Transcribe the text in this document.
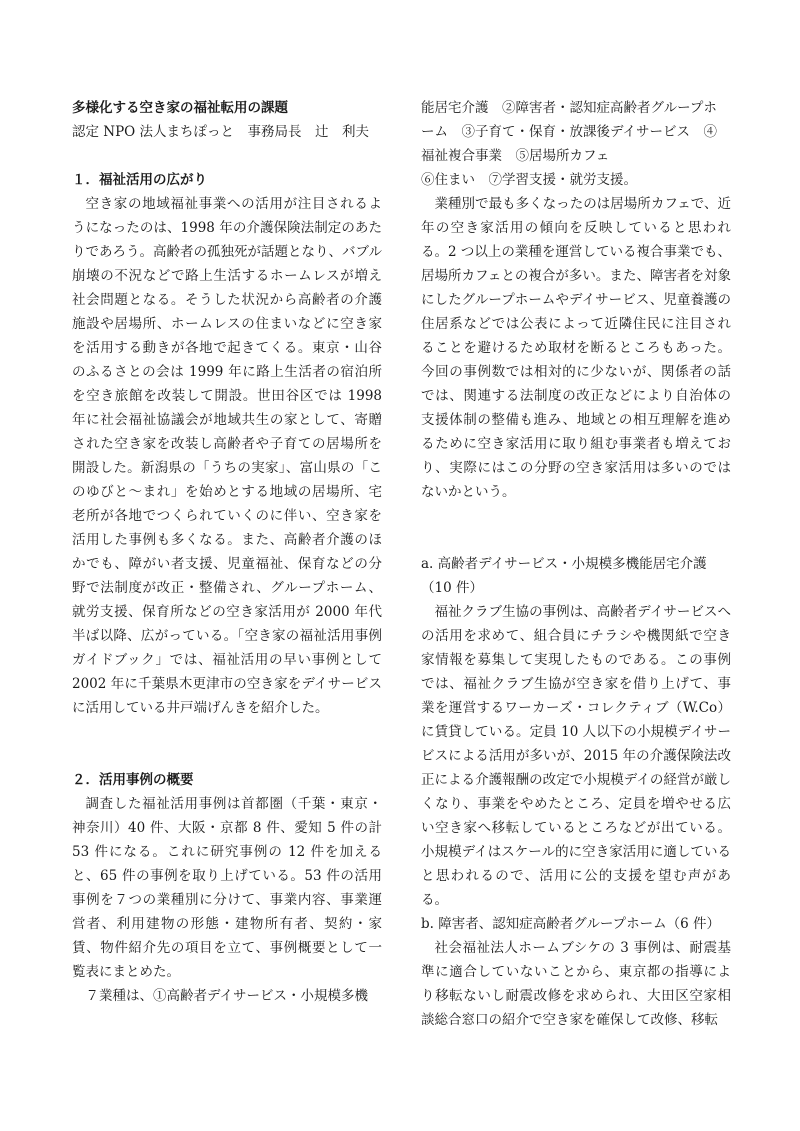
多様化する空き家の福祉転用の課題

認定 NPO 法人まちぽっと　事務局長　辻　利夫

１．福祉活用の広がり

空き家の地域福祉事業への活用が注目されるようになったのは、1998 年の介護保険法制定のあたりであろう。高齢者の孤独死が話題となり、バブル崩壊の不況などで路上生活するホームレスが増え社会問題となる。そうした状況から高齢者の介護施設や居場所、ホームレスの住まいなどに空き家を活用する動きが各地で起きてくる。東京・山谷のふるさとの会は 1999 年に路上生活者の宿泊所を空き旅館を改装して開設。世田谷区では 1998 年に社会福祉協議会が地域共生の家として、寄贈された空き家を改装し高齢者や子育ての居場所を開設した。新潟県の「うちの実家」、富山県の「このゆびと～まれ」を始めとする地域の居場所、宅老所が各地でつくられていくのに伴い、空き家を活用した事例も多くなる。また、高齢者介護のほかでも、障がい者支援、児童福祉、保育などの分野で法制度が改正・整備され、グループホーム、就労支援、保育所などの空き家活用が 2000 年代半ば以降、広がっている。「空き家の福祉活用事例ガイドブック」では、福祉活用の早い事例として 2002 年に千葉県木更津市の空き家をデイサービスに活用している井戸端げんきを紹介した。

２．活用事例の概要

調査した福祉活用事例は首都圏（千葉・東京・神奈川）40 件、大阪・京都 8 件、愛知 5 件の計 53 件になる。これに研究事例の 12 件を加えると、65 件の事例を取り上げている。53 件の活用事例を７つの業種別に分けて、事業内容、事業運営者、利用建物の形態・建物所有者、契約・家賃、物件紹介先の項目を立て、事例概要として一覧表にまとめた。

７業種は、①高齢者デイサービス・小規模多機

能居宅介護　②障害者・認知症高齢者グループホ

ーム　③子育て・保育・放課後デイサービス　④

福祉複合事業　⑤居場所カフェ

⑥住まい　⑦学習支援・就労支援。

業種別で最も多くなったのは居場所カフェで、近年の空き家活用の傾向を反映していると思われる。2 つ以上の業種を運営している複合事業でも、居場所カフェとの複合が多い。また、障害者を対象にしたグループホームやデイサービス、児童養護の住居系などでは公表によって近隣住民に注目されることを避けるため取材を断るところもあった。今回の事例数では相対的に少ないが、関係者の話では、関連する法制度の改正などにより自治体の支援体制の整備も進み、地域との相互理解を進めるために空き家活用に取り組む事業者も増えており、実際にはこの分野の空き家活用は多いのではないかという。

a. 高齢者デイサービス・小規模多機能居宅介護

（10 件）

福祉クラブ生協の事例は、高齢者デイサービスへの活用を求めて、組合員にチラシや機関紙で空き家情報を募集して実現したものである。この事例では、福祉クラブ生協が空き家を借り上げて、事業を運営するワーカーズ・コレクティブ（W.Co）に賃貸している。定員 10 人以下の小規模デイサービスによる活用が多いが、2015 年の介護保険法改正による介護報酬の改定で小規模デイの経営が厳しくなり、事業をやめたところ、定員を増やせる広い空き家へ移転しているところなどが出ている。小規模デイはスケール的に空き家活用に適していると思われるので、活用に公的支援を望む声がある。

b. 障害者、認知症高齢者グループホーム（6 件）

社会福祉法人ホームブシケの 3 事例は、耐震基準に適合していないことから、東京都の指導により移転ないし耐震改修を求められ、大田区空家相談総合窓口の紹介で空き家を確保して改修、移転
